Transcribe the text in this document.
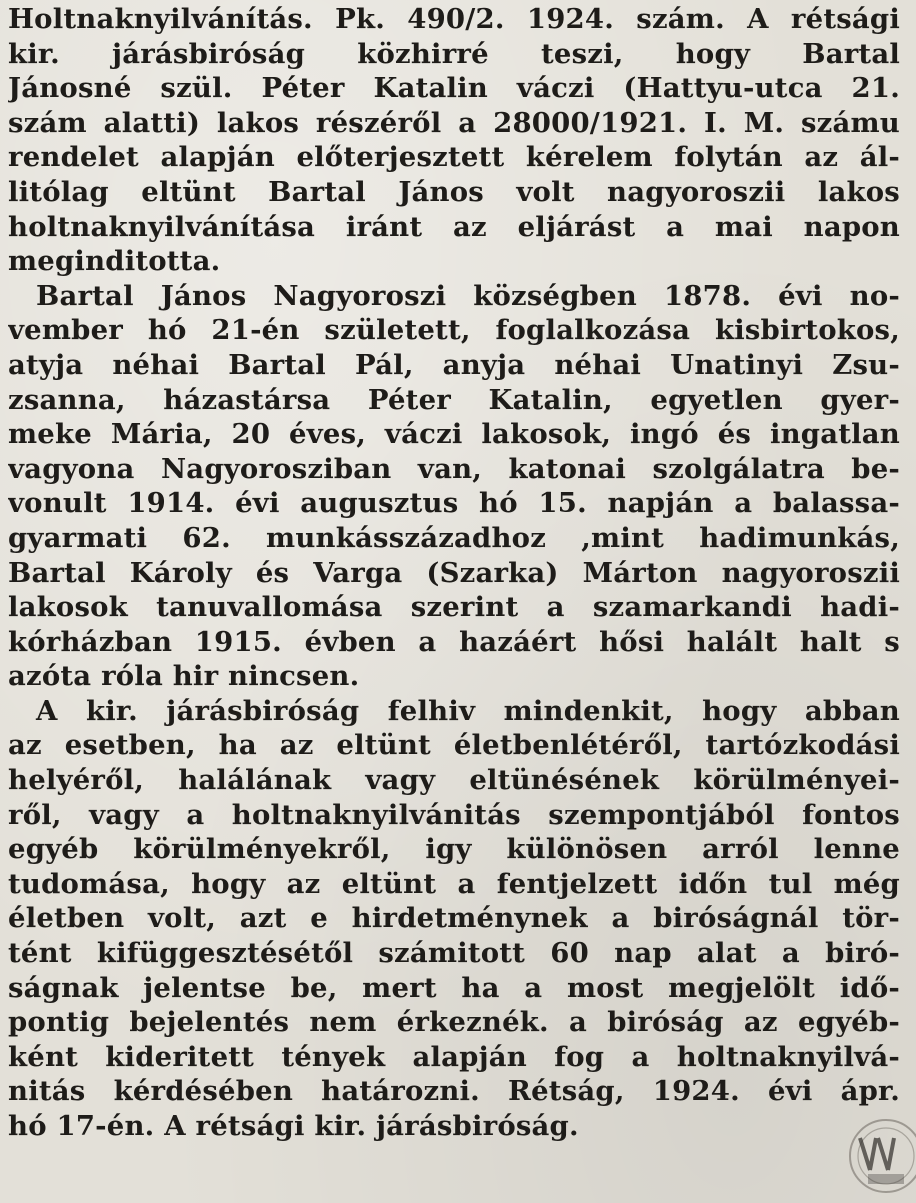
Holtnaknyilvánítás. Pk. 490/2. 1924. szám. A rétsági
kir. járásbiróság közhirré teszi, hogy Bartal
Jánosné szül. Péter Katalin váczi (Hattyu-utca 21.
szám alatti) lakos részéről a 28000/1921. I. M. számu
rendelet alapján előterjesztett kérelem folytán az ál-
litólag eltünt Bartal János volt nagyoroszii lakos
holtnaknyilvánítása iránt az eljárást a mai napon
meginditotta.
Bartal János Nagyoroszi községben 1878. évi no-
vember hó 21-én született, foglalkozása kisbirtokos,
atyja néhai Bartal Pál, anyja néhai Unatinyi Zsu-
zsanna, házastársa Péter Katalin, egyetlen gyer-
meke Mária, 20 éves, váczi lakosok, ingó és ingatlan
vagyona Nagyorosziban van, katonai szolgálatra be-
vonult 1914. évi augusztus hó 15. napján a balassa-
gyarmati 62. munkásszázadhoz ,mint hadimunkás,
Bartal Károly és Varga (Szarka) Márton nagyoroszii
lakosok tanuvallomása szerint a szamarkandi hadi-
kórházban 1915. évben a hazáért hősi halált halt s
azóta róla hir nincsen.
A kir. járásbiróság felhiv mindenkit, hogy abban
az esetben, ha az eltünt életbenlétéről, tartózkodási
helyéről, halálának vagy eltünésének körülményei-
ről, vagy a holtnaknyilvánitás szempontjából fontos
egyéb körülményekről, igy különösen arról lenne
tudomása, hogy az eltünt a fentjelzett időn tul még
életben volt, azt e hirdetménynek a biróságnál tör-
tént kifüggesztésétől számitott 60 nap alat a biró-
ságnak jelentse be, mert ha a most megjelölt idő-
pontig bejelentés nem érkeznék. a biróság az egyéb-
ként kideritett tények alapján fog a holtnaknyilvá-
nitás kérdésében határozni. Rétság, 1924. évi ápr.
hó 17-én. A rétsági kir. járásbiróság.
